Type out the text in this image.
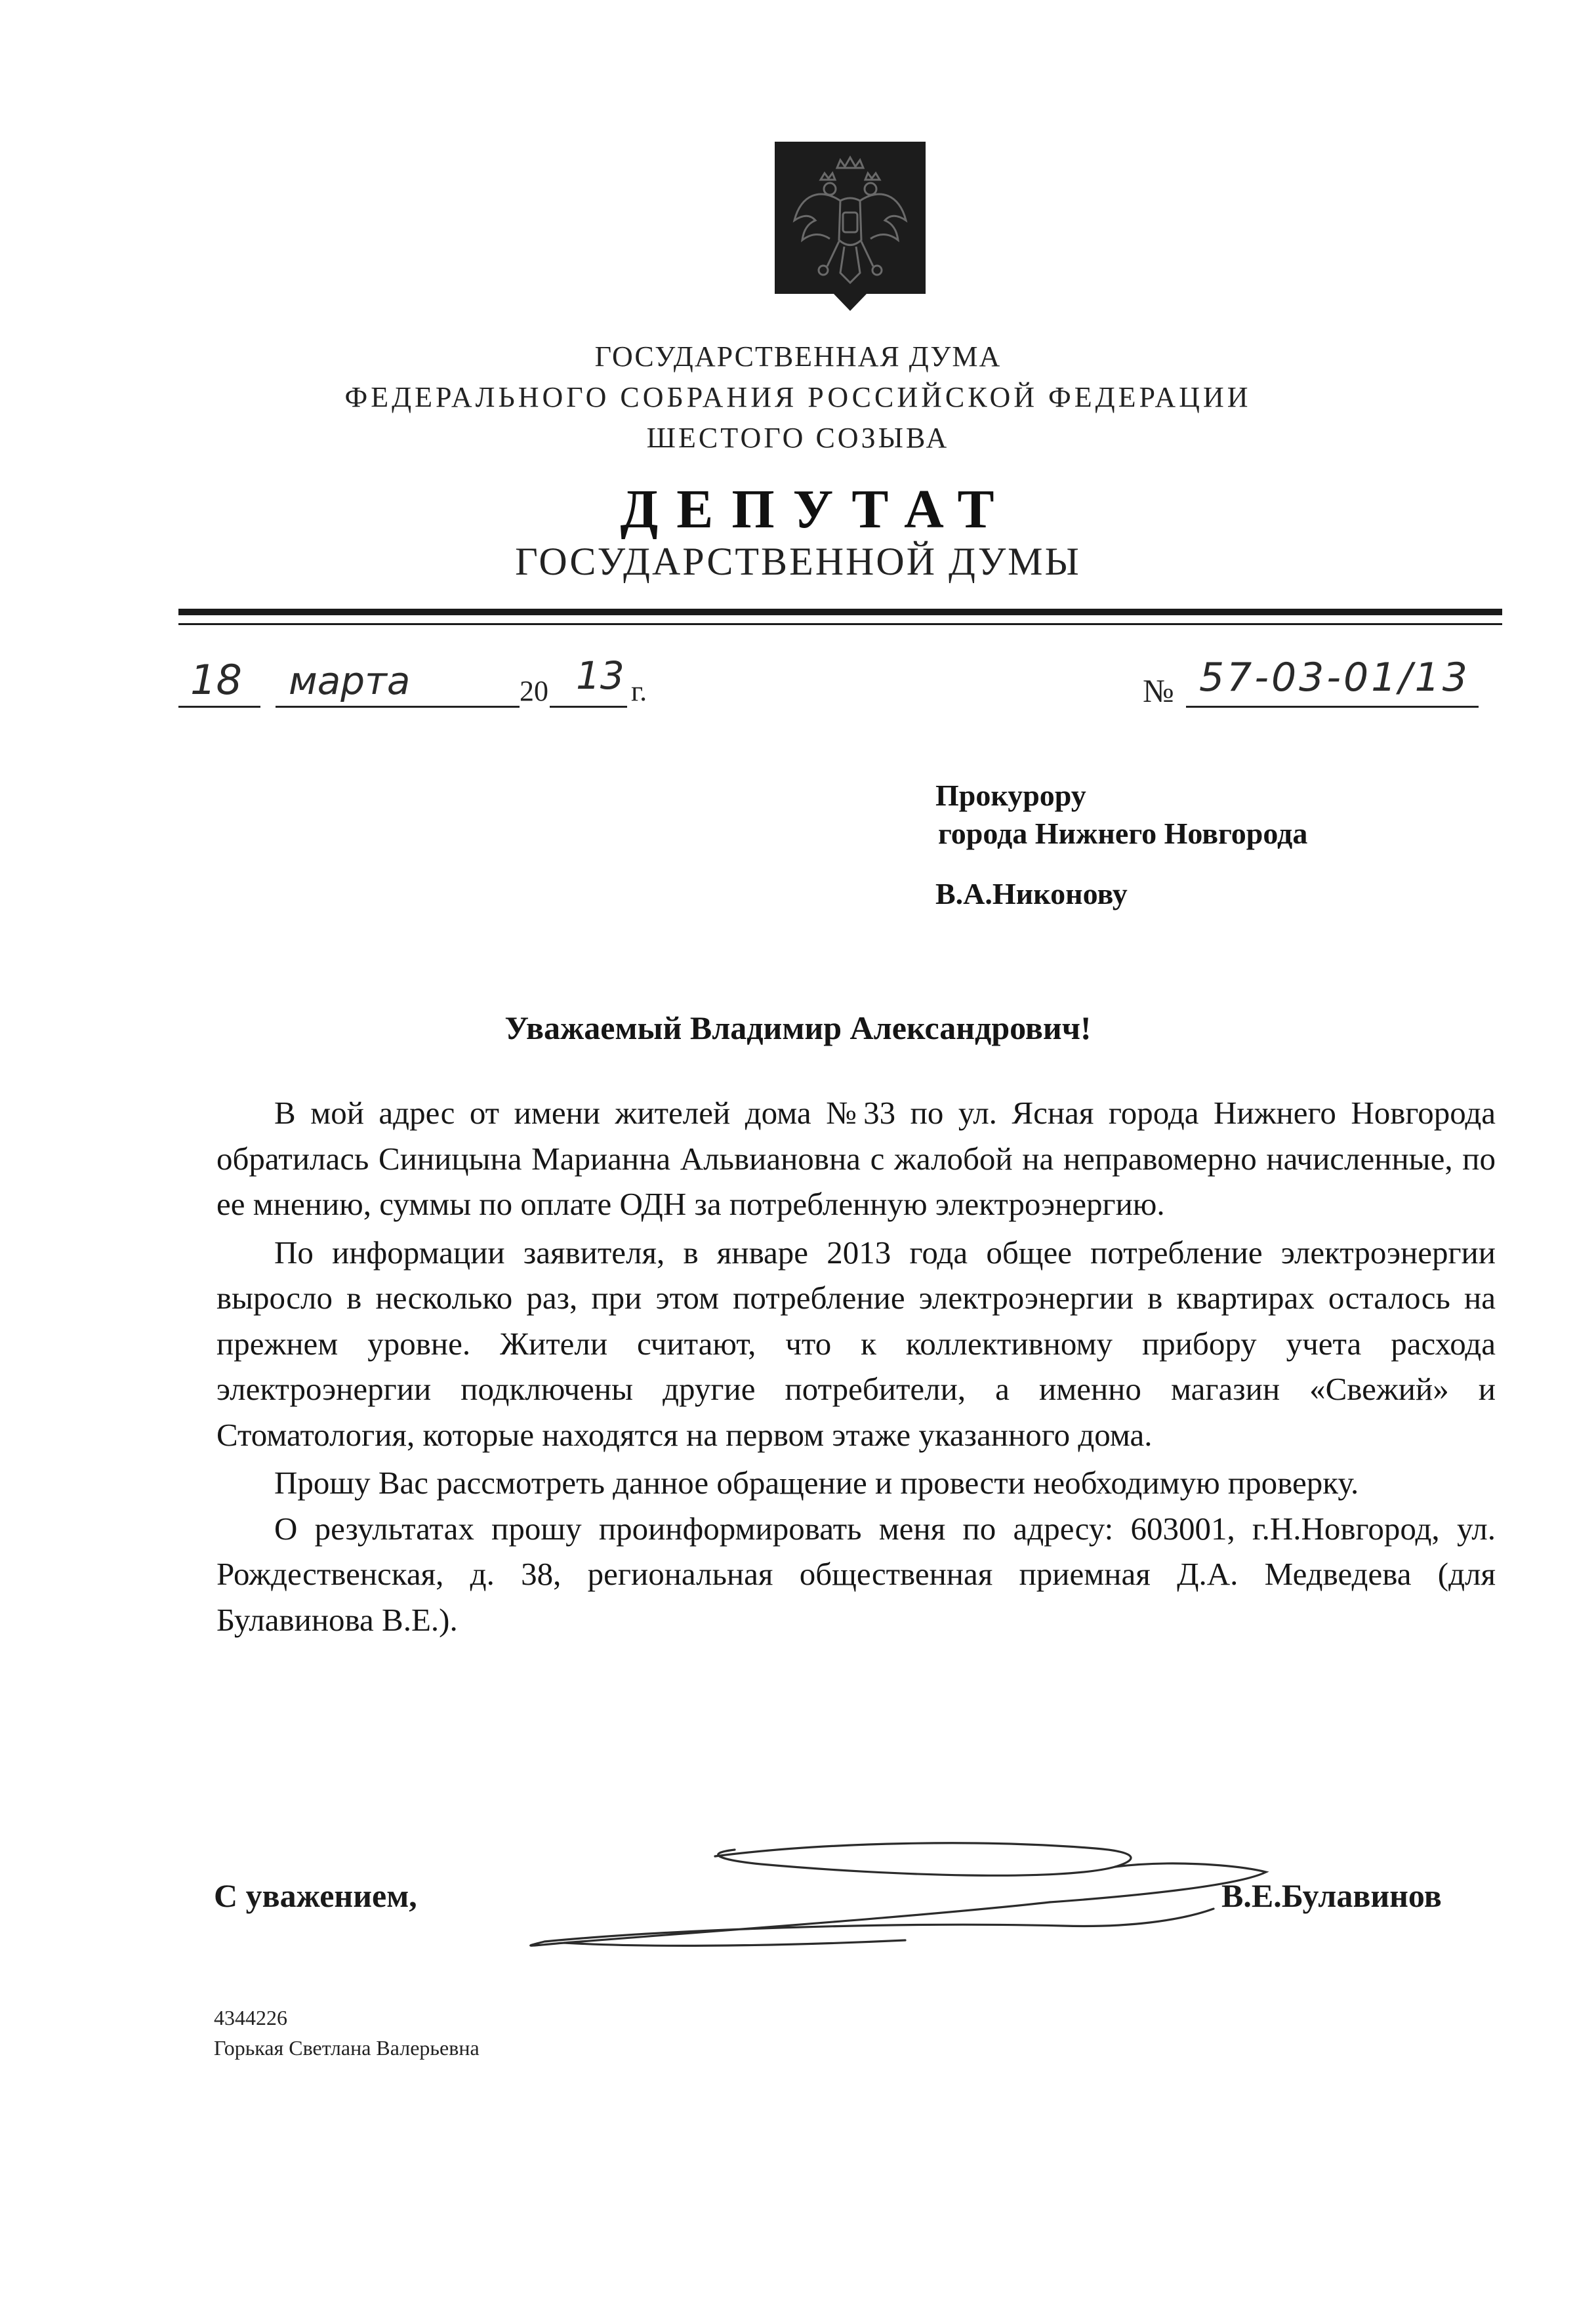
ГОСУДАРСТВЕННАЯ ДУМА
ФЕДЕРАЛЬНОГО СОБРАНИЯ РОССИЙСКОЙ ФЕДЕРАЦИИ
ШЕСТОГО СОЗЫВА
ДЕПУТАТ
ГОСУДАРСТВЕННОЙ ДУМЫ
18 марта	20 13 г.	№ 57-03-01/13
Прокурору
города Нижнего Новгорода
В.А.Никонову
Уважаемый Владимир Александрович!

В мой адрес от имени жителей дома №33 по ул. Ясная города Нижнего Новгорода обратилась Синицына Марианна Альвиановна с жалобой на неправомерно начисленные, по ее мнению, суммы по оплате ОДН за потребленную электроэнергию.

По информации заявителя, в январе 2013 года общее потребление электроэнергии выросло в несколько раз, при этом потребление электроэнергии в квартирах осталось на прежнем уровне. Жители считают, что к коллективному прибору учета расхода электроэнергии подключены другие потребители, а именно магазин «Свежий» и Стоматология, которые находятся на первом этаже указанного дома.

Прошу Вас рассмотреть данное обращение и провести необходимую проверку.

О результатах прошу проинформировать меня по адресу: 603001, г.Н.Новгород, ул. Рождественская, д. 38, региональная общественная приемная Д.А. Медведева (для Булавинова В.Е.).

С уважением,	В.Е.Булавинов
4344226
Горькая Светлана Валерьевна
